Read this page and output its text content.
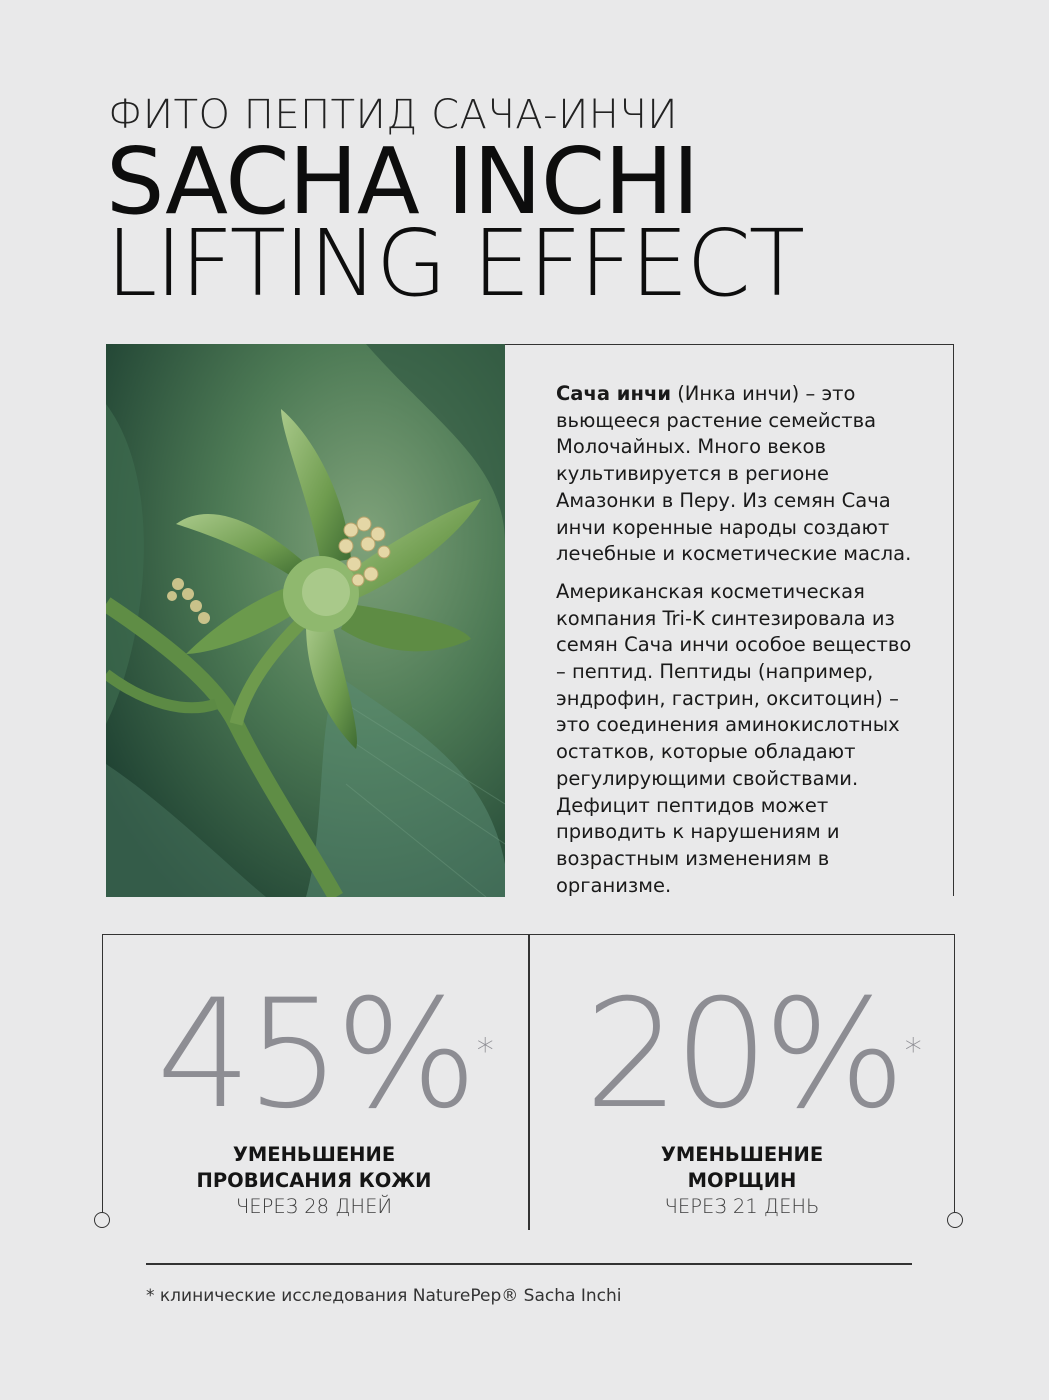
ФИТО ПЕПТИД САЧА-ИНЧИ
SACHA INCHI
LIFTING EFFECT

Сача инчи (Инка инчи) – это вьющееся растение семейства Молочайных. Много веков культивируется в регионе Амазонки в Перу. Из семян Сача инчи коренные народы создают лечебные и косметические масла.

Американская косметическая компания Tri-K синтезировала из семян Сача инчи особое вещество – пептид. Пептиды (например, эндрофин, гастрин, окситоцин) – это соединения аминокислотных остатков, которые обладают регулирующими свойствами. Дефицит пептидов может приводить к нарушениям и возрастным изменениям в организме.

45% *
УМЕНЬШЕНИЕ
ПРОВИСАНИЯ КОЖИ
ЧЕРЕЗ 28 ДНЕЙ
20% *
УМЕНЬШЕНИЕ
МОРЩИН
ЧЕРЕЗ 21 ДЕНЬ
* клинические исследования NaturePep® Sacha Inchi
